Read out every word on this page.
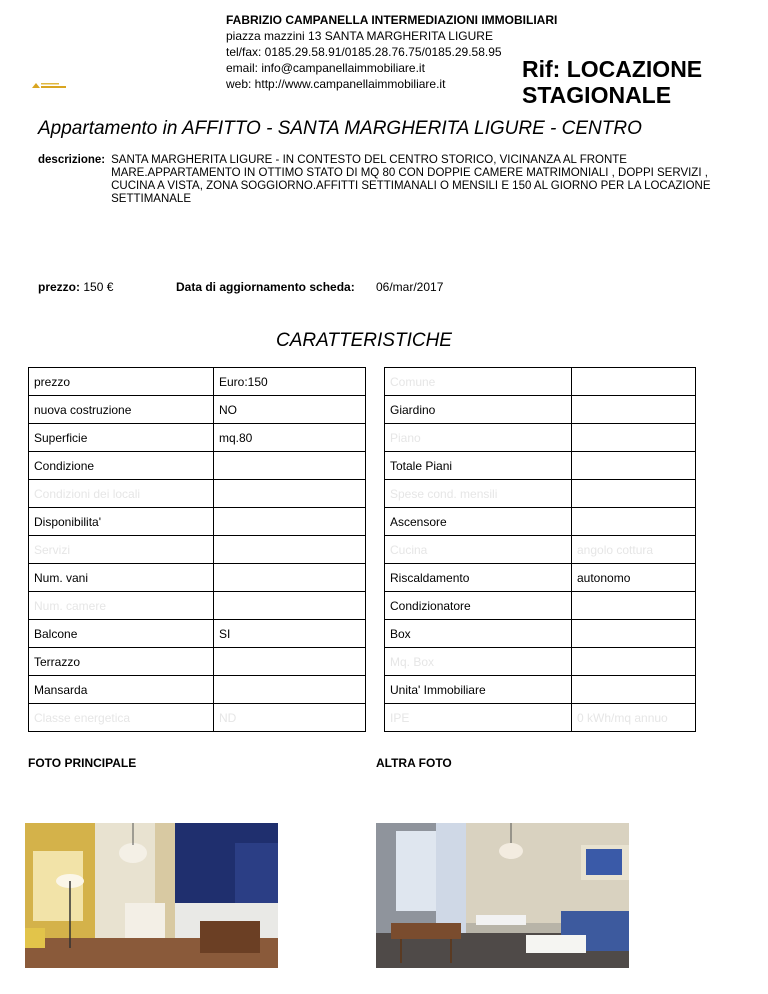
FABRIZIO CAMPANELLA INTERMEDIAZIONI IMMOBILIARI
piazza mazzini 13 SANTA MARGHERITA LIGURE
tel/fax: 0185.29.58.91/0185.28.76.75/0185.29.58.95
email: info@campanellaimmobiliare.it
web: http://www.campanellaimmobiliare.it
Rif: LOCAZIONE
STAGIONALE
Appartamento in AFFITTO - SANTA MARGHERITA LIGURE - CENTRO
descrizione: SANTA MARGHERITA LIGURE - IN CONTESTO DEL CENTRO STORICO, VICINANZA AL FRONTE MARE.APPARTAMENTO IN OTTIMO STATO DI MQ 80 CON DOPPIE CAMERE MATRIMONIALI , DOPPI SERVIZI , CUCINA A VISTA, ZONA SOGGIORNO.AFFITTI SETTIMANALI O MENSILI E 150 AL GIORNO PER LA LOCAZIONE SETTIMANALE
prezzo: 150 €	Data di aggiornamento scheda: 06/mar/2017
CARATTERISTICHE
prezzo	Euro:150		Comune	
nuova costruzione	NO		Giardino	
Superficie	mq.80		Piano	
Condizione			Totale Piani	
Condizioni dei locali			Spese cond. mensili	
Disponibilita'			Ascensore	
Servizi			Cucina	angolo cottura
Num. vani			Riscaldamento	autonomo
Num. camere			Condizionatore	
Balcone	SI		Box	
Terrazzo			Mq. Box	
Mansarda			Unita' Immobiliare	
Classe energetica	ND		IPE	0 kWh/mq annuo
FOTO PRINCIPALE	ALTRA FOTO
